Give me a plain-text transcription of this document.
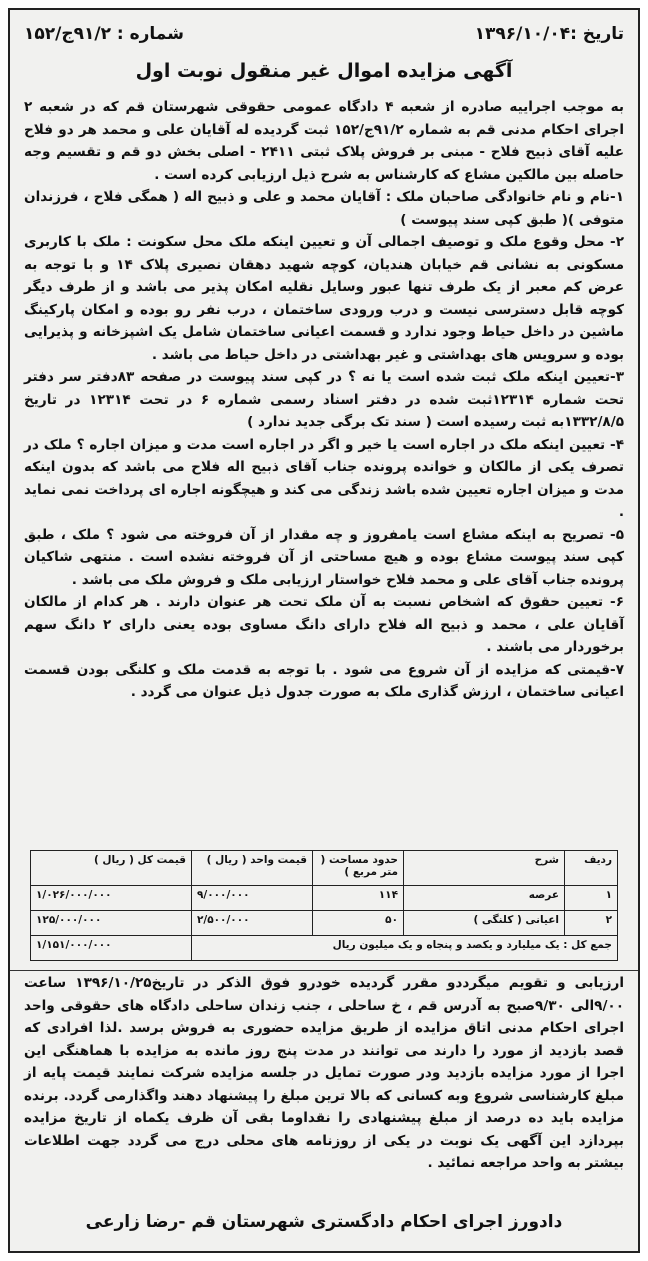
تاریخ :۱۳۹۶/۱۰/۰۴
شماره : ۹۱/۲ج/۱۵۲
آگهی مزایده اموال غیر منقول نوبت اول

به موجب اجراییه صادره از شعبه ۴ دادگاه عمومی حقوقی شهرستان قم که در شعبه ۲ اجرای احکام مدنی قم به شماره ۹۱/۲ج/۱۵۲ ثبت گردیده له آقایان علی و محمد هر دو فلاح علیه آقای ذبیح فلاح - مبنی بر فروش پلاک ثبتی ۲۴۱۱ - اصلی بخش دو قم و تقسیم وجه حاصله بین مالکین مشاع که کارشناس به شرح ذیل ارزیابی کرده است .

۱-نام و نام خانوادگی صاحبان ملک : آقایان محمد و علی و ذبیح اله ( همگی فلاح ، فرزندان متوفی )( طبق کپی سند پیوست )

۲- محل وقوع ملک و توصیف اجمالی آن و تعیین اینکه ملک محل سکونت : ملک با کاربری مسکونی به نشانی قم خیابان هندیان، کوچه شهید دهقان نصیری پلاک ۱۴ و با توجه به عرض کم معبر از یک طرف تنها عبور وسایل نقلیه امکان پذیر می باشد و از طرف دیگر کوچه قابل دسترسی نیست و درب ورودی ساختمان ، درب نفر رو بوده و امکان پارکینگ ماشین در داخل حیاط وجود ندارد و قسمت اعیانی ساختمان شامل یک اشپزخانه و پذیرایی بوده و سرویس های بهداشتی و غیر بهداشتی در داخل حیاط می باشد .

۳-تعیین اینکه ملک ثبت شده است یا نه ؟ در کپی سند پیوست در صفحه ۸۳دفتر سر دفتر تحت شماره ۱۲۳۱۴ثبت شده در دفتر اسناد رسمی شماره ۶ در تحت ۱۲۳۱۴ در تاریخ ۱۳۳۲/۸/۵به ثبت رسیده است ( سند تک برگی جدید ندارد )

۴- تعیین اینکه ملک در اجاره است یا خیر و اگر در اجاره است مدت و میزان اجاره ؟ ملک در تصرف یکی از مالکان و خوانده پرونده جناب آقای ذبیح اله فلاح می باشد که بدون اینکه مدت و میزان اجاره تعیین شده باشد زندگی می کند و هیچگونه اجاره ای پرداخت نمی نماید .

۵- تصریح به اینکه مشاع است یامفروز و چه مقدار از آن فروخته می شود ؟ ملک ، طبق کپی سند پیوست مشاع بوده و هیچ مساحتی از آن فروخته نشده است . منتهی شاکیان پرونده جناب آقای علی و محمد فلاح خواستار ارزیابی ملک و فروش ملک می باشد .

۶- تعیین حقوق که اشخاص نسبت به آن ملک تحت هر عنوان دارند . هر کدام از مالکان آقایان علی ، محمد و ذبیح اله فلاح دارای دانگ مساوی بوده یعنی دارای ۲ دانگ سهم برخوردار می باشند .

۷-قیمتی که مزایده از آن شروع می شود . با توجه به قدمت ملک و کلنگی بودن قسمت اعیانی ساختمان ، ارزش گذاری ملک به صورت جدول ذیل عنوان می گردد .

ردیف	شرح	حدود مساحت ( متر مربع )	قیمت واحد ( ریال )	قیمت کل ( ریال )
۱	عرصه	۱۱۴	۹/۰۰۰/۰۰۰	۱/۰۲۶/۰۰۰/۰۰۰
۲	اعیانی ( کلنگی )	۵۰	۲/۵۰۰/۰۰۰	۱۲۵/۰۰۰/۰۰۰
جمع کل : یک میلیارد و یکصد و پنجاه و یک میلیون ریال				۱/۱۵۱/۰۰۰/۰۰۰
ارزیابی و تقویم میگرددو مقرر گردیده خودرو فوق الذکر در تاریخ۱۳۹۶/۱۰/۲۵ ساعت ۹/۰۰الی ۹/۳۰صبح به آدرس قم ، خ ساحلی ، جنب زندان ساحلی دادگاه های حقوقی واحد اجرای احکام مدنی اتاق مزایده از طریق مزایده حضوری به فروش برسد .لذا افرادی که قصد بازدید از مورد را دارند می توانند در مدت پنج روز مانده به مزایده با هماهنگی این اجرا از مورد مزایده بازدید ودر صورت تمایل در جلسه مزایده شرکت نمایند قیمت پایه از مبلغ کارشناسی شروع وبه کسانی که بالا ترین مبلغ را پیشنهاد دهند واگذارمی گردد. برنده مزایده باید ده درصد از مبلغ پیشنهادی را نقداوما بقی آن ظرف یکماه از تاریخ مزایده بپردازد این آگهی یک نوبت در یکی از روزنامه های محلی درج می گردد جهت اطلاعات بیشتر به واحد مراجعه نمائید .
دادورز اجرای احکام دادگستری شهرستان قم -رضا زارعی
